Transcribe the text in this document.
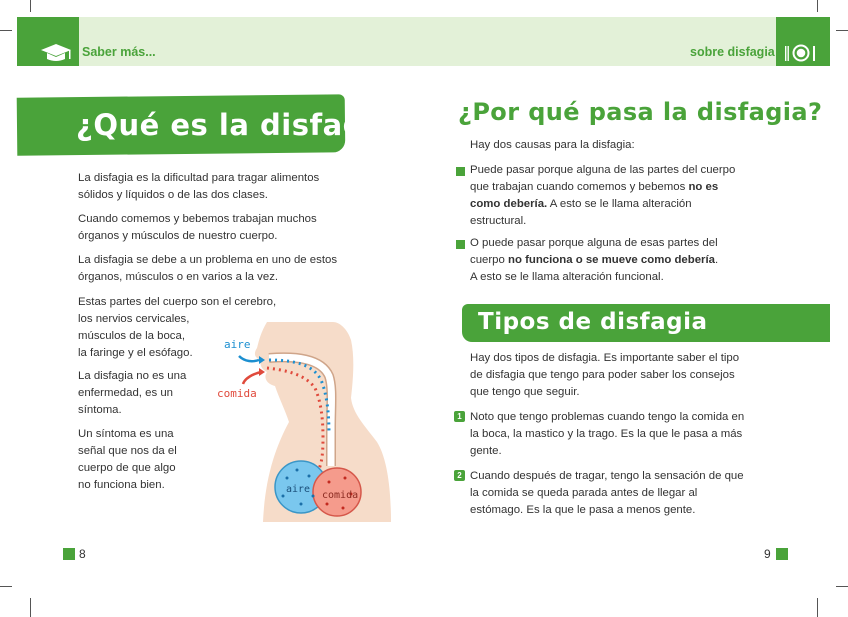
Saber más...	sobre disfagia
¿Qué es la disfagia?
La disfagia es la dificultad para tragar alimentos
sólidos y líquidos o de las dos clases.
Cuando comemos y bebemos trabajan muchos
órganos y músculos de nuestro cuerpo.
La disfagia se debe a un problema en uno de estos
órganos, músculos o en varios a la vez.
Estas partes del cuerpo son el cerebro,
los nervios cervicales,
músculos de la boca,
la faringe y el esófago.
La disfagia no es una
enfermedad, es un
síntoma.
Un síntoma es una
señal que nos da el
cuerpo de que algo
no funciona bien.
aire
comida
aire
comida
8
¿Por qué pasa la disfagia?
Hay dos causas para la disfagia:
Puede pasar porque alguna de las partes del cuerpo
que trabajan cuando comemos y bebemos no es
como debería. A esto se le llama alteración
estructural.
O puede pasar porque alguna de esas partes del
cuerpo no funciona o se mueve como debería.
A esto se le llama alteración funcional.
Tipos de disfagia
Hay dos tipos de disfagia. Es importante saber el tipo
de disfagia que tengo para poder saber los consejos
que tengo que seguir.
1 Noto que tengo problemas cuando tengo la comida en
la boca, la mastico y la trago. Es la que le pasa a más
gente.
2 Cuando después de tragar, tengo la sensación de que
la comida se queda parada antes de llegar al
estómago. Es la que le pasa a menos gente.
9
